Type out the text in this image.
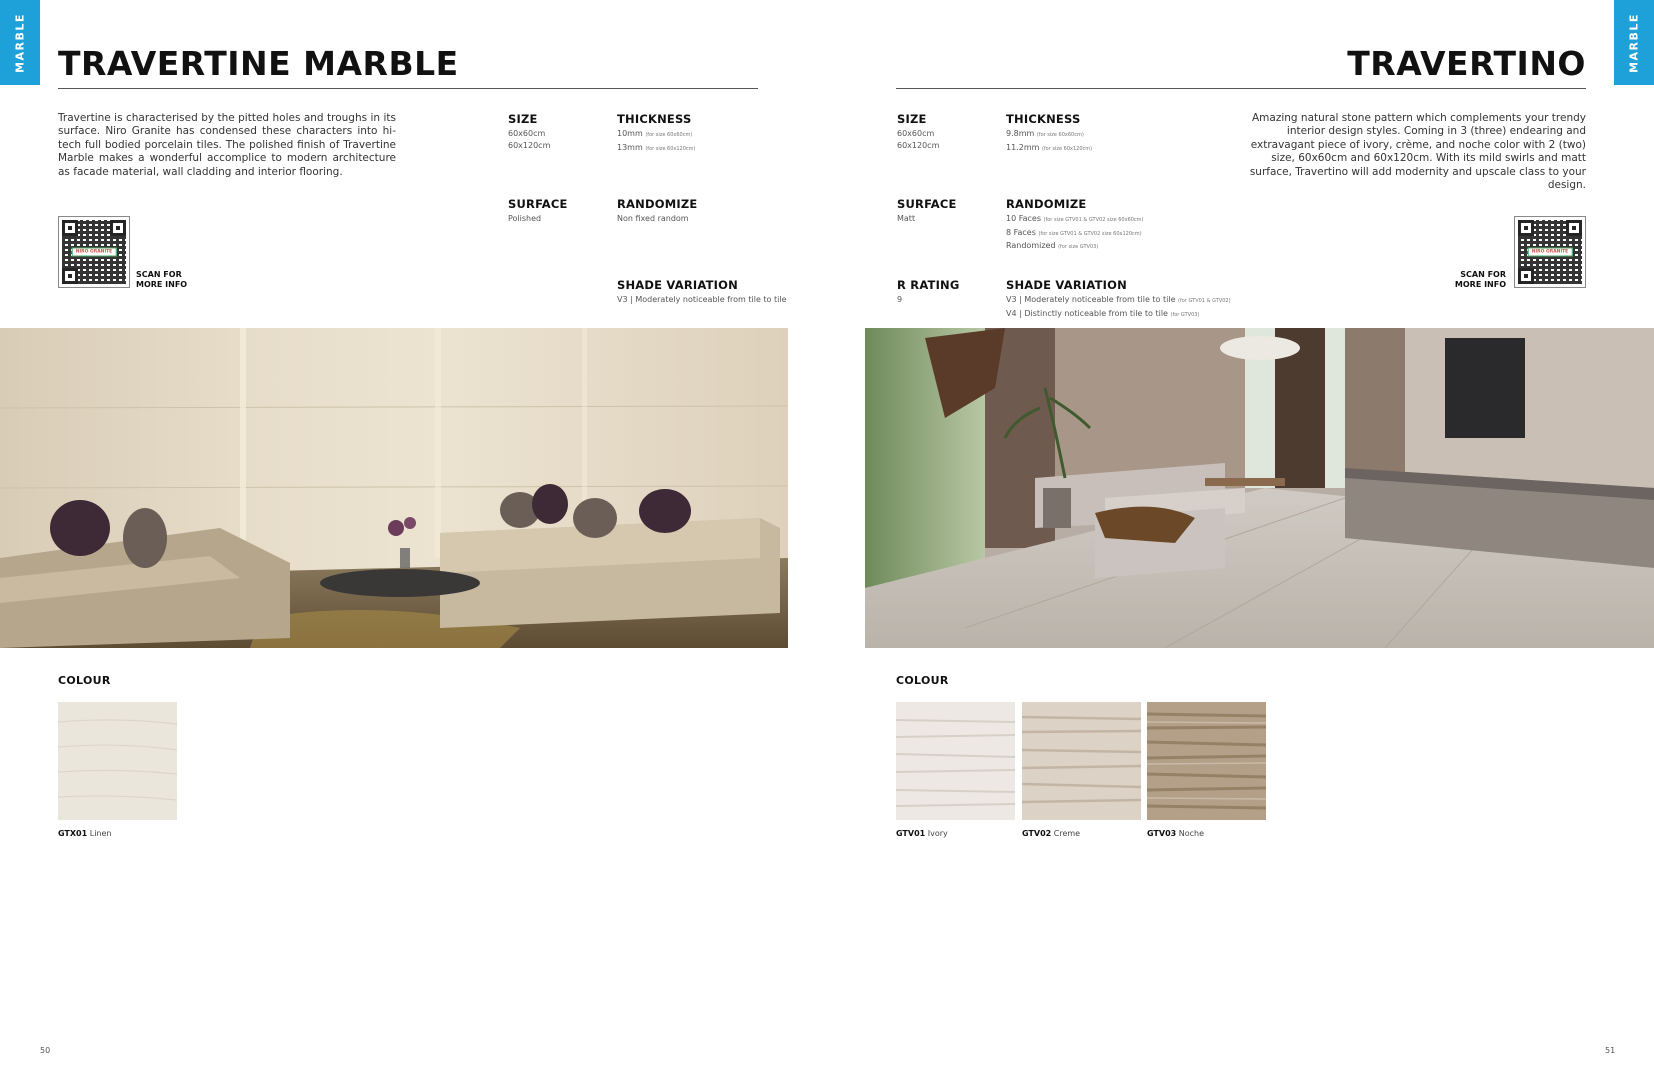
MARBLE TRAVERTINE MARBLE

Travertine is characterised by the pitted holes and troughs in its surface. Niro Granite has condensed these characters into hi-tech full bodied porcelain tiles. The polished finish of Travertine Marble makes a wonderful accomplice to modern architecture as facade material, wall cladding and interior flooring.

SIZE
60x60cm
60x120cm
THICKNESS
10mm (for size 60x60cm)
13mm (for size 60x120cm)
SURFACE
Polished
RANDOMIZE
Non fixed random
SHADE VARIATION
V3 | Moderately noticeable from tile to tile
NIRO GRANITE
SCAN FOR
MORE INFO
COLOUR
GTX01 Linen
50
MARBLE
TRAVERTINO

Amazing natural stone pattern which complements your trendy interior design styles. Coming in 3 (three) endearing and extravagant piece of ivory, crème, and noche color with 2 (two) size, 60x60cm and 60x120cm. With its mild swirls and matt surface, Travertino will add modernity and upscale class to your design.

SIZE
60x60cm
60x120cm
THICKNESS
9.8mm (for size 60x60cm)
11.2mm (for size 60x120cm)
SURFACE
Matt
RANDOMIZE
10 Faces (for size GTV01 & GTV02 size 60x60cm)
8 Faces (for size GTV01 & GTV02 size 60x120cm)
Randomized (for size GTV03)
R RATING
9
SHADE VARIATION
V3 | Moderately noticeable from tile to tile (for GTV01 & GTV02)
V4 | Distinctly noticeable from tile to tile (for GTV03)
NIRO GRANITE
SCAN FOR
MORE INFO
COLOUR
GTV01 Ivory	GTV02 Creme	GTV03 Noche
51
